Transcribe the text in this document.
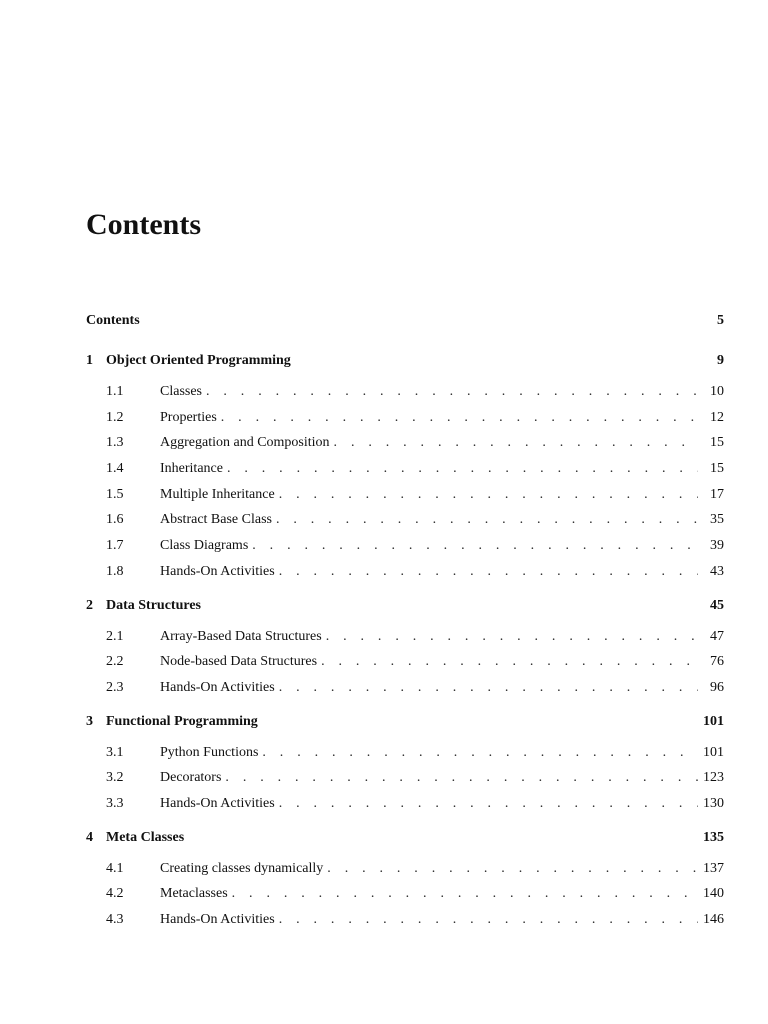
Contents
Contents	5
1 Object Oriented Programming	9
1.1	Classes . . .	10
1.2	Properties . . .	12
1.3	Aggregation and Composition . . .	15
1.4	Inheritance . . .	15
1.5	Multiple Inheritance . . .	17
1.6	Abstract Base Class . . .	35
1.7	Class Diagrams . . .	39
1.8	Hands-On Activities . . .	43
2 Data Structures	45
2.1	Array-Based Data Structures . . .	47
2.2	Node-based Data Structures . . .	76
2.3	Hands-On Activities . . .	96
3 Functional Programming	101
3.1	Python Functions . . .	101
3.2	Decorators . . .	123
3.3	Hands-On Activities . . .	130
4 Meta Classes	135
4.1	Creating classes dynamically . . .	137
4.2	Metaclasses . . .	140
4.3	Hands-On Activities . . .	146
